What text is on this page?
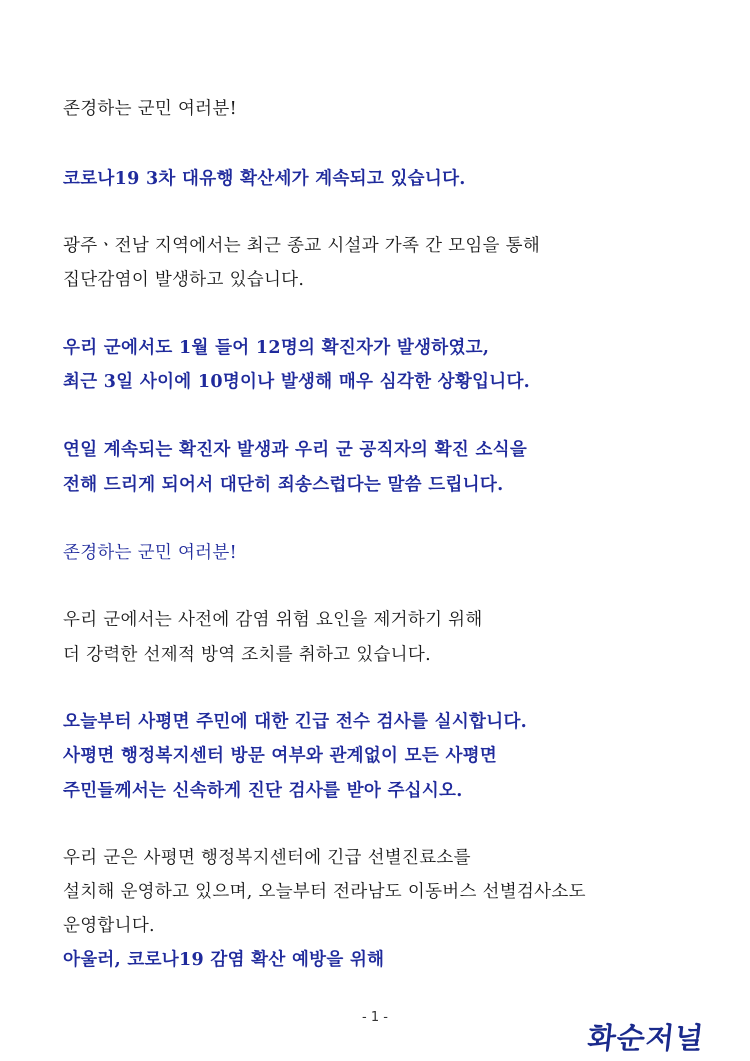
존경하는 군민 여러분!
코로나19 3차 대유행 확산세가 계속되고 있습니다.
광주ㆍ전남 지역에서는 최근 종교 시설과 가족 간 모임을 통해
집단감염이 발생하고 있습니다.
우리 군에서도 1월 들어 12명의 확진자가 발생하였고,
최근 3일 사이에 10명이나 발생해 매우 심각한 상황입니다.
연일 계속되는 확진자 발생과 우리 군 공직자의 확진 소식을
전해 드리게 되어서 대단히 죄송스럽다는 말씀 드립니다.
존경하는 군민 여러분!
우리 군에서는 사전에 감염 위험 요인을 제거하기 위해
더 강력한 선제적 방역 조치를 취하고 있습니다.
오늘부터 사평면 주민에 대한 긴급 전수 검사를 실시합니다.
사평면 행정복지센터 방문 여부와 관계없이 모든 사평면
주민들께서는 신속하게 진단 검사를 받아 주십시오.
우리 군은 사평면 행정복지센터에 긴급 선별진료소를
설치해 운영하고 있으며, 오늘부터 전라남도 이동버스 선별검사소도
운영합니다.
아울러, 코로나19 감염 확산 예방을 위해
- 1 -
화순저널
